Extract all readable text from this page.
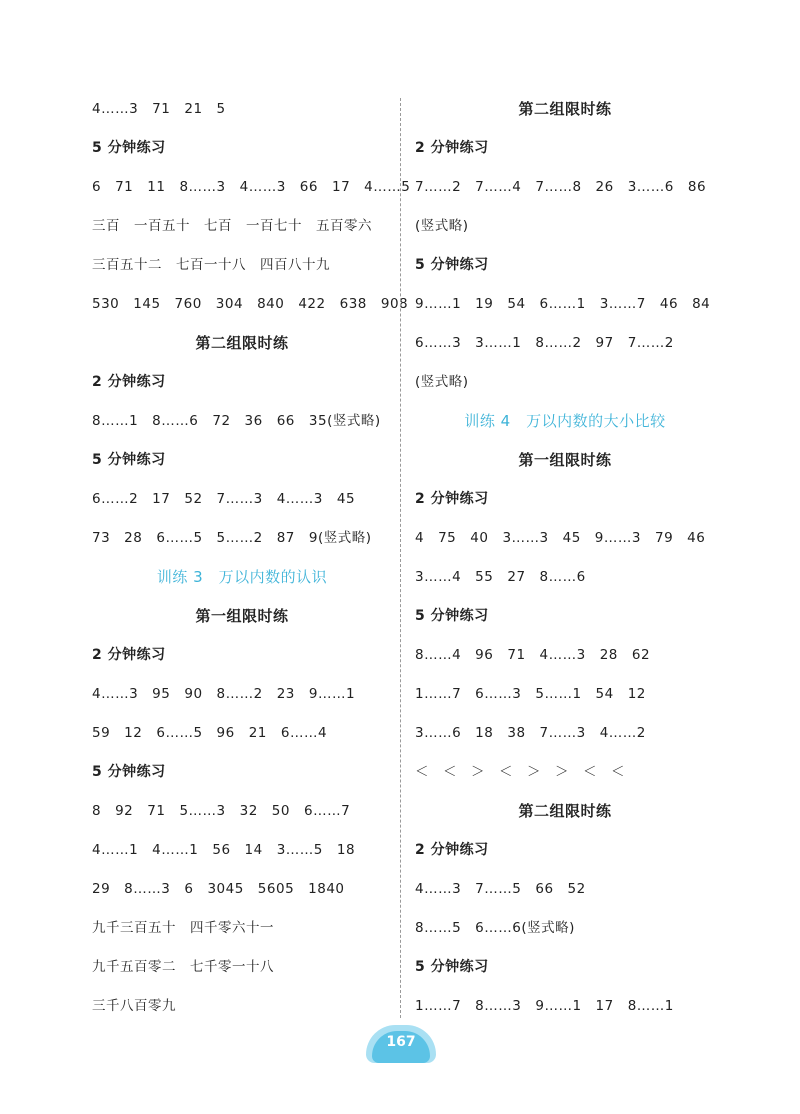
4……3　71　21　5
5 分钟练习
6　71　11　8……3　4……3　66　17　4……5
三百　一百五十　七百　一百七十　五百零六
三百五十二　七百一十八　四百八十九
530　145　760　304　840　422　638　908
第二组限时练
2 分钟练习
8……1　8……6　72　36　66　35(竖式略)
5 分钟练习
6……2　17　52　7……3　4……3　45
73　28　6……5　5……2　87　9(竖式略)
训练 3　万以内数的认识
第一组限时练
2 分钟练习
4……3　95　90　8……2　23　9……1
59　12　6……5　96　21　6……4
5 分钟练习
8　92　71　5……3　32　50　6……7
4……1　4……1　56　14　3……5　18
29　8……3　6　3045　5605　1840
九千三百五十　四千零六十一
九千五百零二　七千零一十八
三千八百零九
第二组限时练
2 分钟练习
7……2　7……4　7……8　26　3……6　86
(竖式略)
5 分钟练习
9……1　19　54　6……1　3……7　46　84
6……3　3……1　8……2　97　7……2
(竖式略)
训练 4　万以内数的大小比较
第一组限时练
2 分钟练习
4　75　40　3……3　45　9……3　79　46
3……4　55　27　8……6
5 分钟练习
8……4　96　71　4……3　28　62
1……7　6……3　5……1　54　12
3……6　18　38　7……3　4……2
＜　＜　＞　＜　＞　＞　＜　＜
第二组限时练
2 分钟练习
4……3　7……5　66　52
8……5　6……6(竖式略)
5 分钟练习
1……7　8……3　9……1　17　8……1
167
